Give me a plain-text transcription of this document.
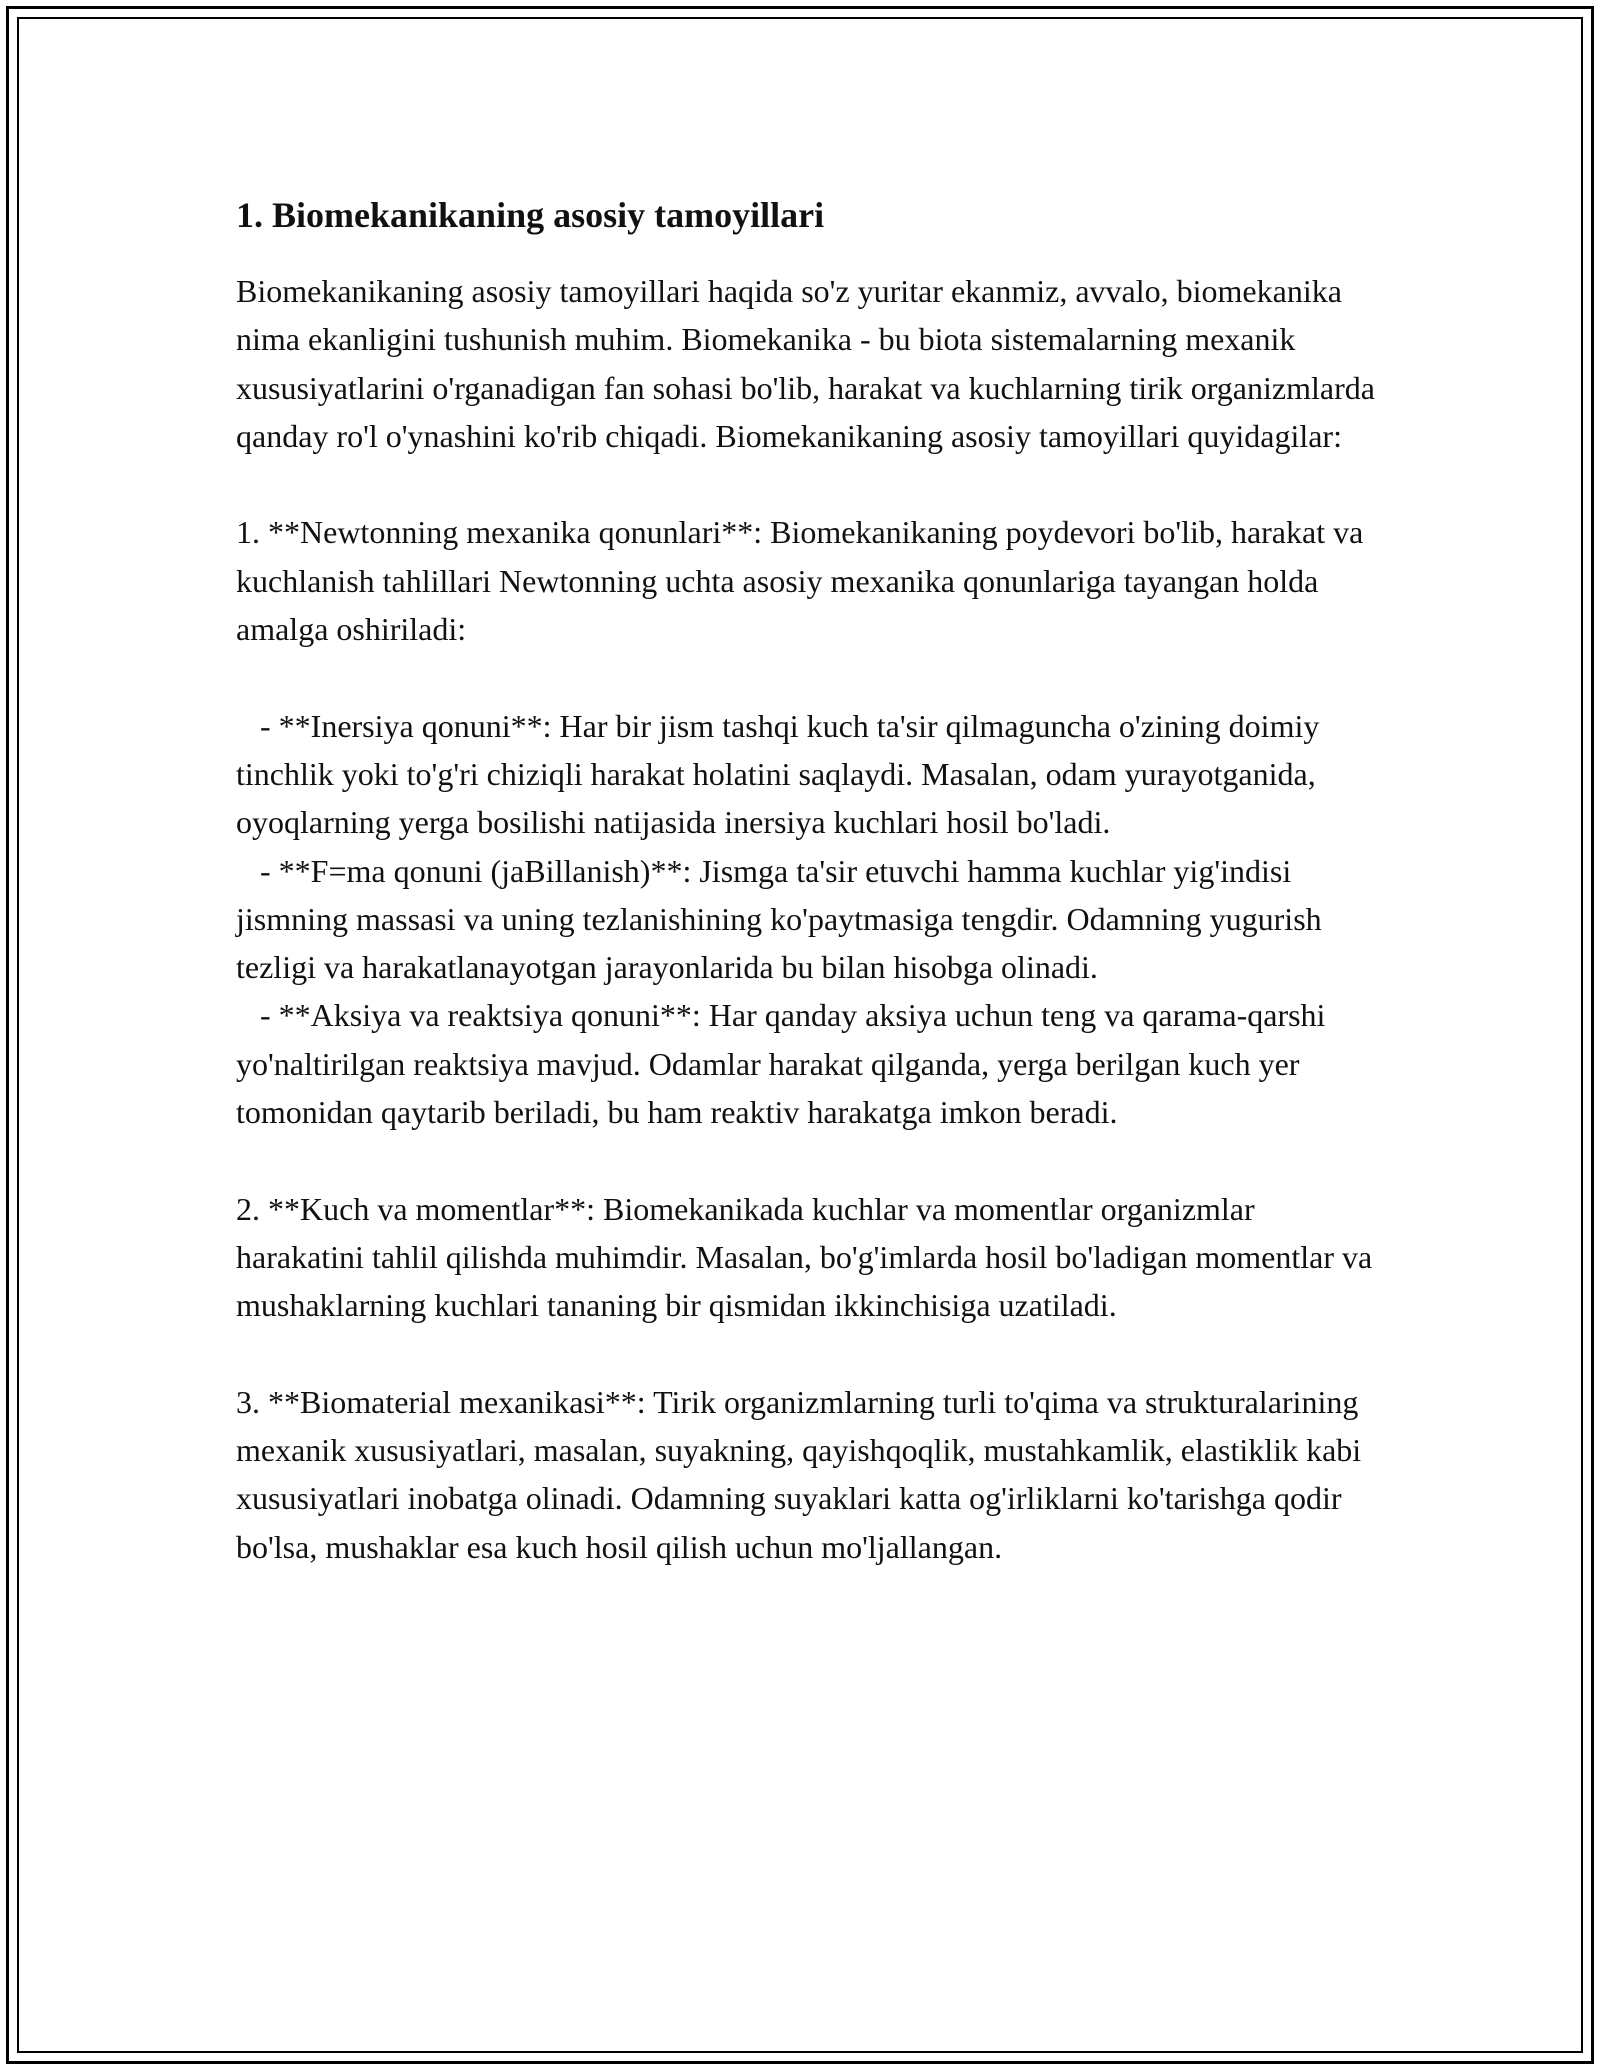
1. Biomekanikaning asosiy tamoyillari

Biomekanikaning asosiy tamoyillari haqida so'z yuritar ekanmiz, avvalo, biomekanika nima ekanligini tushunish muhim. Biomekanika - bu biota sistemalarning mexanik xususiyatlarini o'rganadigan fan sohasi bo'lib, harakat va kuchlarning tirik organizmlarda qanday ro'l o'ynashini ko'rib chiqadi. Biomekanikaning asosiy tamoyillari quyidagilar:

1. **Newtonning mexanika qonunlari**: Biomekanikaning poydevori bo'lib, harakat va kuchlanish tahlillari Newtonning uchta asosiy mexanika qonunlariga tayangan holda amalga oshiriladi:

- **Inersiya qonuni**: Har bir jism tashqi kuch ta'sir qilmaguncha o'zining doimiy tinchlik yoki to'g'ri chiziqli harakat holatini saqlaydi. Masalan, odam yurayotganida, oyoqlarning yerga bosilishi natijasida inersiya kuchlari hosil bo'ladi.

- **F=ma qonuni (jaBillanish)**: Jismga ta'sir etuvchi hamma kuchlar yig'indisi jismning massasi va uning tezlanishining ko'paytmasiga tengdir. Odamning yugurish tezligi va harakatlanayotgan jarayonlarida bu bilan hisobga olinadi.

- **Aksiya va reaktsiya qonuni**: Har qanday aksiya uchun teng va qarama-qarshi yo'naltirilgan reaktsiya mavjud. Odamlar harakat qilganda, yerga berilgan kuch yer tomonidan qaytarib beriladi, bu ham reaktiv harakatga imkon beradi.

2. **Kuch va momentlar**: Biomekanikada kuchlar va momentlar organizmlar harakatini tahlil qilishda muhimdir. Masalan, bo'g'imlarda hosil bo'ladigan momentlar va mushaklarning kuchlari tananing bir qismidan ikkinchisiga uzatiladi.

3. **Biomaterial mexanikasi**: Tirik organizmlarning turli to'qima va strukturalarining mexanik xususiyatlari, masalan, suyakning, qayishqoqlik, mustahkamlik, elastiklik kabi xususiyatlari inobatga olinadi. Odamning suyaklari katta og'irliklarni ko'tarishga qodir bo'lsa, mushaklar esa kuch hosil qilish uchun mo'ljallangan.
